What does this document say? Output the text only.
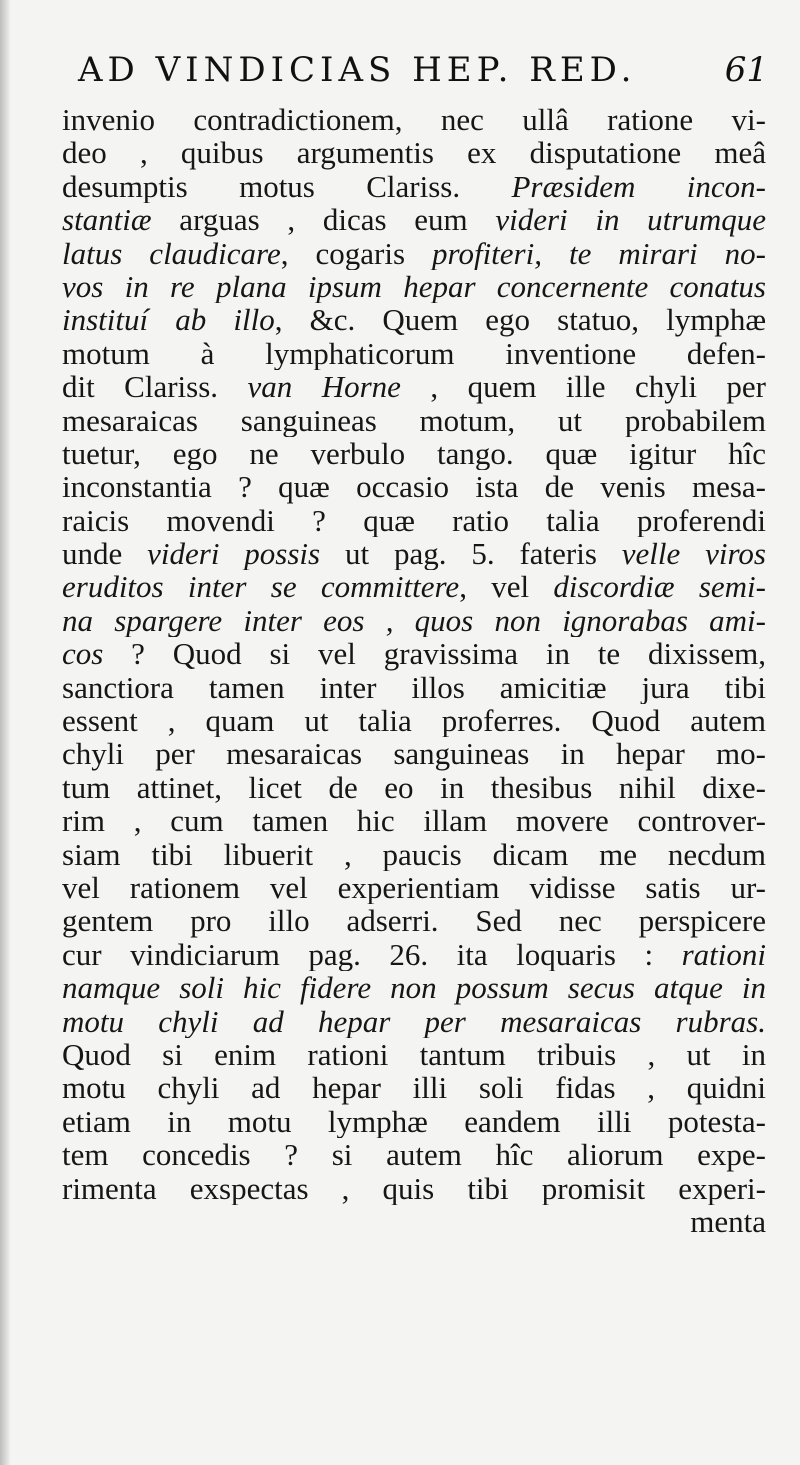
AD VINDICIAS HEP. RED.	61
invenio contradictionem, nec ullâ ratione vi-
deo , quibus argumentis ex disputatione meâ
desumptis motus Clariss. Præsidem incon-
stantiæ arguas , dicas eum videri in utrumque
latus claudicare, cogaris profiteri, te mirari no-
vos in re plana ipsum hepar concernente conatus
instituí ab illo, &c. Quem ego statuo, lymphæ
motum à lymphaticorum inventione defen-
dit Clariss. van Horne , quem ille chyli per
mesaraicas sanguineas motum, ut probabilem
tuetur, ego ne verbulo tango. quæ igitur hîc
inconstantia ? quæ occasio ista de venis mesa-
raicis movendi ? quæ ratio talia proferendi
unde videri possis ut pag. 5. fateris velle viros
eruditos inter se committere, vel discordiæ semi-
na spargere inter eos , quos non ignorabas ami-
cos ? Quod si vel gravissima in te dixissem,
sanctiora tamen inter illos amicitiæ jura tibi
essent , quam ut talia proferres. Quod autem
chyli per mesaraicas sanguineas in hepar mo-
tum attinet, licet de eo in thesibus nihil dixe-
rim , cum tamen hic illam movere controver-
siam tibi libuerit , paucis dicam me necdum
vel rationem vel experientiam vidisse satis ur-
gentem pro illo adserri. Sed nec perspicere
cur vindiciarum pag. 26. ita loquaris : rationi
namque soli hic fidere non possum secus atque in
motu chyli ad hepar per mesaraicas rubras.
Quod si enim rationi tantum tribuis , ut in
motu chyli ad hepar illi soli fidas , quidni
etiam in motu lymphæ eandem illi potesta-
tem concedis ? si autem hîc aliorum expe-
rimenta exspectas , quis tibi promisit experi-
menta
